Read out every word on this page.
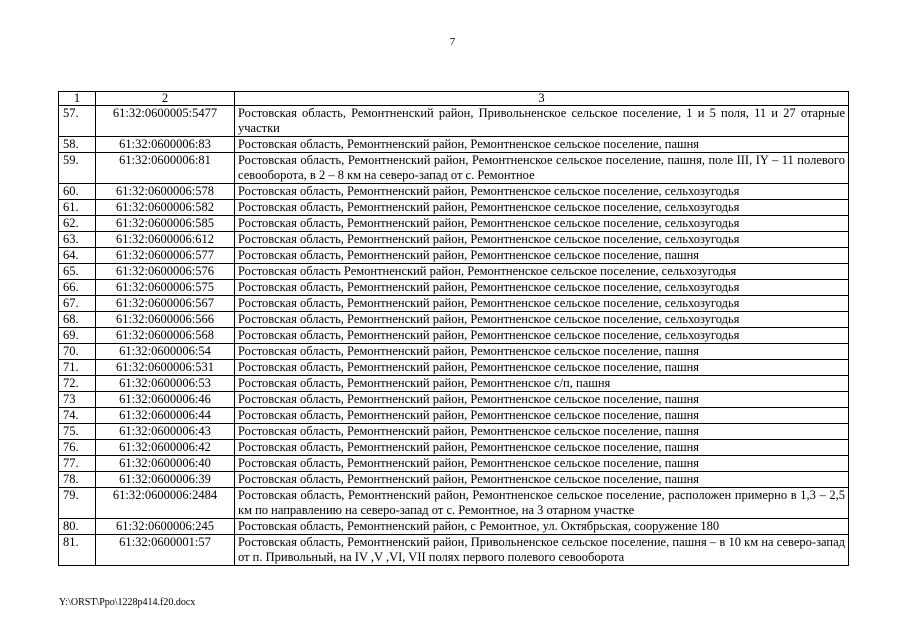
7
1	2	3
57.	61:32:0600005:5477	Ростовская область, Ремонтненский район, Привольненское сельское поселение, 1 и 5 поля, 11 и 27 отарные участки
58.	61:32:0600006:83	Ростовская область, Ремонтненский район, Ремонтненское сельское поселение, пашня
59.	61:32:0600006:81	Ростовская область, Ремонтненский район, Ремонтненское сельское поселение, пашня, поле III, IY – 11 полевого севооборота, в 2 – 8 км на северо-запад от с. Ремонтное
60.	61:32:0600006:578	Ростовская область, Ремонтненский район, Ремонтненское сельское поселение, сельхозугодья
61.	61:32:0600006:582	Ростовская область, Ремонтненский район, Ремонтненское сельское поселение, сельхозугодья
62.	61:32:0600006:585	Ростовская область, Ремонтненский район, Ремонтненское сельское поселение, сельхозугодья
63.	61:32:0600006:612	Ростовская область, Ремонтненский район, Ремонтненское сельское поселение, сельхозугодья
64.	61:32:0600006:577	Ростовская область, Ремонтненский район, Ремонтненское сельское поселение, пашня
65.	61:32:0600006:576	Ростовская область Ремонтненский район, Ремонтненское сельское поселение, сельхозугодья
66.	61:32:0600006:575	Ростовская область, Ремонтненский район, Ремонтненское сельское поселение, сельхозугодья
67.	61:32:0600006:567	Ростовская область, Ремонтненский район, Ремонтненское сельское поселение, сельхозугодья
68.	61:32:0600006:566	Ростовская область, Ремонтненский район, Ремонтненское сельское поселение, сельхозугодья
69.	61:32:0600006:568	Ростовская область, Ремонтненский район, Ремонтненское сельское поселение, сельхозугодья
70.	61:32:0600006:54	Ростовская область, Ремонтненский район, Ремонтненское сельское поселение, пашня
71.	61:32:0600006:531	Ростовская область, Ремонтненский район, Ремонтненское сельское поселение, пашня
72.	61:32:0600006:53	Ростовская область, Ремонтненский район, Ремонтненское с/п, пашня
73	61:32:0600006:46	Ростовская область, Ремонтненский район, Ремонтненское сельское поселение, пашня
74.	61:32:0600006:44	Ростовская область, Ремонтненский район, Ремонтненское сельское поселение, пашня
75.	61:32:0600006:43	Ростовская область, Ремонтненский район, Ремонтненское сельское поселение, пашня
76.	61:32:0600006:42	Ростовская область, Ремонтненский район, Ремонтненское сельское поселение, пашня
77.	61:32:0600006:40	Ростовская область, Ремонтненский район, Ремонтненское сельское поселение, пашня
78.	61:32:0600006:39	Ростовская область, Ремонтненский район, Ремонтненское сельское поселение, пашня
79.	61:32:0600006:2484	Ростовская область, Ремонтненский район, Ремонтненское сельское поселение, расположен примерно в 1,3 – 2,5 км по направлению на северо-запад от с. Ремонтное, на 3 отарном участке
80.	61:32:0600006:245	Ростовская область, Ремонтненский район, с Ремонтное, ул. Октябрьская, сооружение 180
81.	61:32:0600001:57	Ростовская область, Ремонтненский район, Привольненское сельское поселение, пашня – в 10 км на северо-запад от п. Привольный, на IV ,V ,VI, VII полях первого полевого севооборота
Y:\ORST\Ppo\1228p414.f20.docx
